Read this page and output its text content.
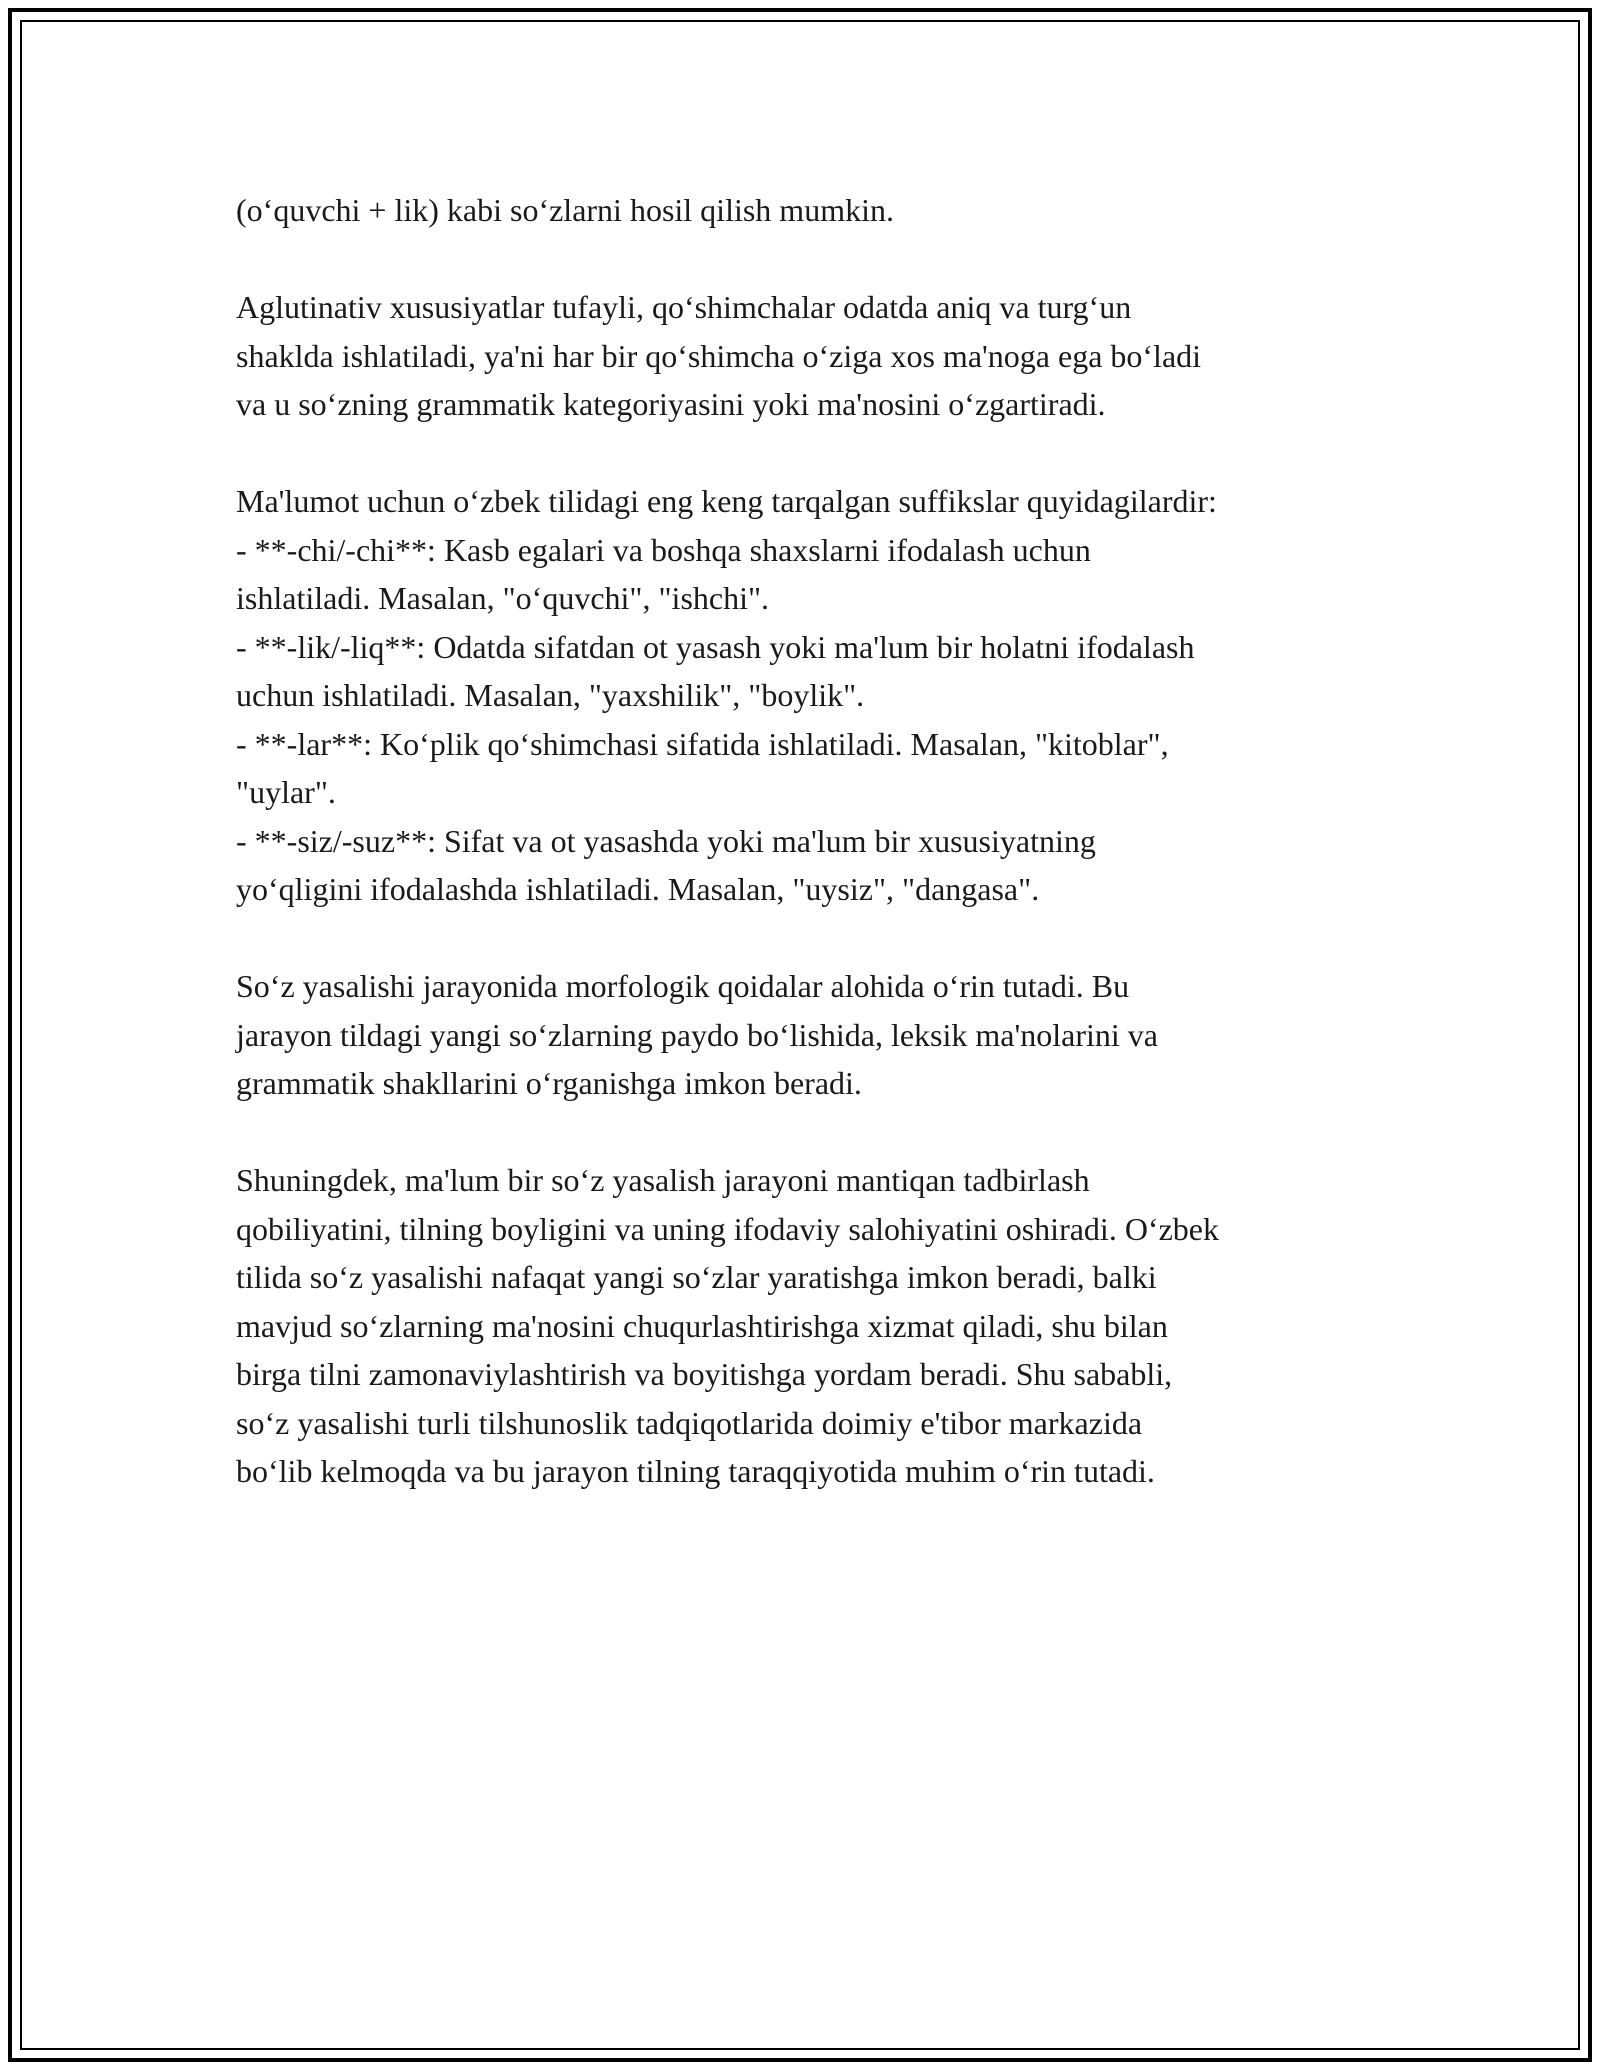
(o‘quvchi + lik) kabi so‘zlarni hosil qilish mumkin.
Aglutinativ xususiyatlar tufayli, qo‘shimchalar odatda aniq va turg‘un
shaklda ishlatiladi, ya'ni har bir qo‘shimcha o‘ziga xos ma'noga ega bo‘ladi
va u so‘zning grammatik kategoriyasini yoki ma'nosini o‘zgartiradi.
Ma'lumot uchun o‘zbek tilidagi eng keng tarqalgan suffikslar quyidagilardir:
- **-chi/-chi**: Kasb egalari va boshqa shaxslarni ifodalash uchun
ishlatiladi. Masalan, "o‘quvchi", "ishchi".
- **-lik/-liq**: Odatda sifatdan ot yasash yoki ma'lum bir holatni ifodalash
uchun ishlatiladi. Masalan, "yaxshilik", "boylik".
- **-lar**: Ko‘plik qo‘shimchasi sifatida ishlatiladi. Masalan, "kitoblar",
"uylar".
- **-siz/-suz**: Sifat va ot yasashda yoki ma'lum bir xususiyatning
yo‘qligini ifodalashda ishlatiladi. Masalan, "uysiz", "dangasa".
So‘z yasalishi jarayonida morfologik qoidalar alohida o‘rin tutadi. Bu
jarayon tildagi yangi so‘zlarning paydo bo‘lishida, leksik ma'nolarini va
grammatik shakllarini o‘rganishga imkon beradi.
Shuningdek, ma'lum bir so‘z yasalish jarayoni mantiqan tadbirlash
qobiliyatini, tilning boyligini va uning ifodaviy salohiyatini oshiradi. O‘zbek
tilida so‘z yasalishi nafaqat yangi so‘zlar yaratishga imkon beradi, balki
mavjud so‘zlarning ma'nosini chuqurlashtirishga xizmat qiladi, shu bilan
birga tilni zamonaviylashtirish va boyitishga yordam beradi. Shu sababli,
so‘z yasalishi turli tilshunoslik tadqiqotlarida doimiy e'tibor markazida
bo‘lib kelmoqda va bu jarayon tilning taraqqiyotida muhim o‘rin tutadi.
